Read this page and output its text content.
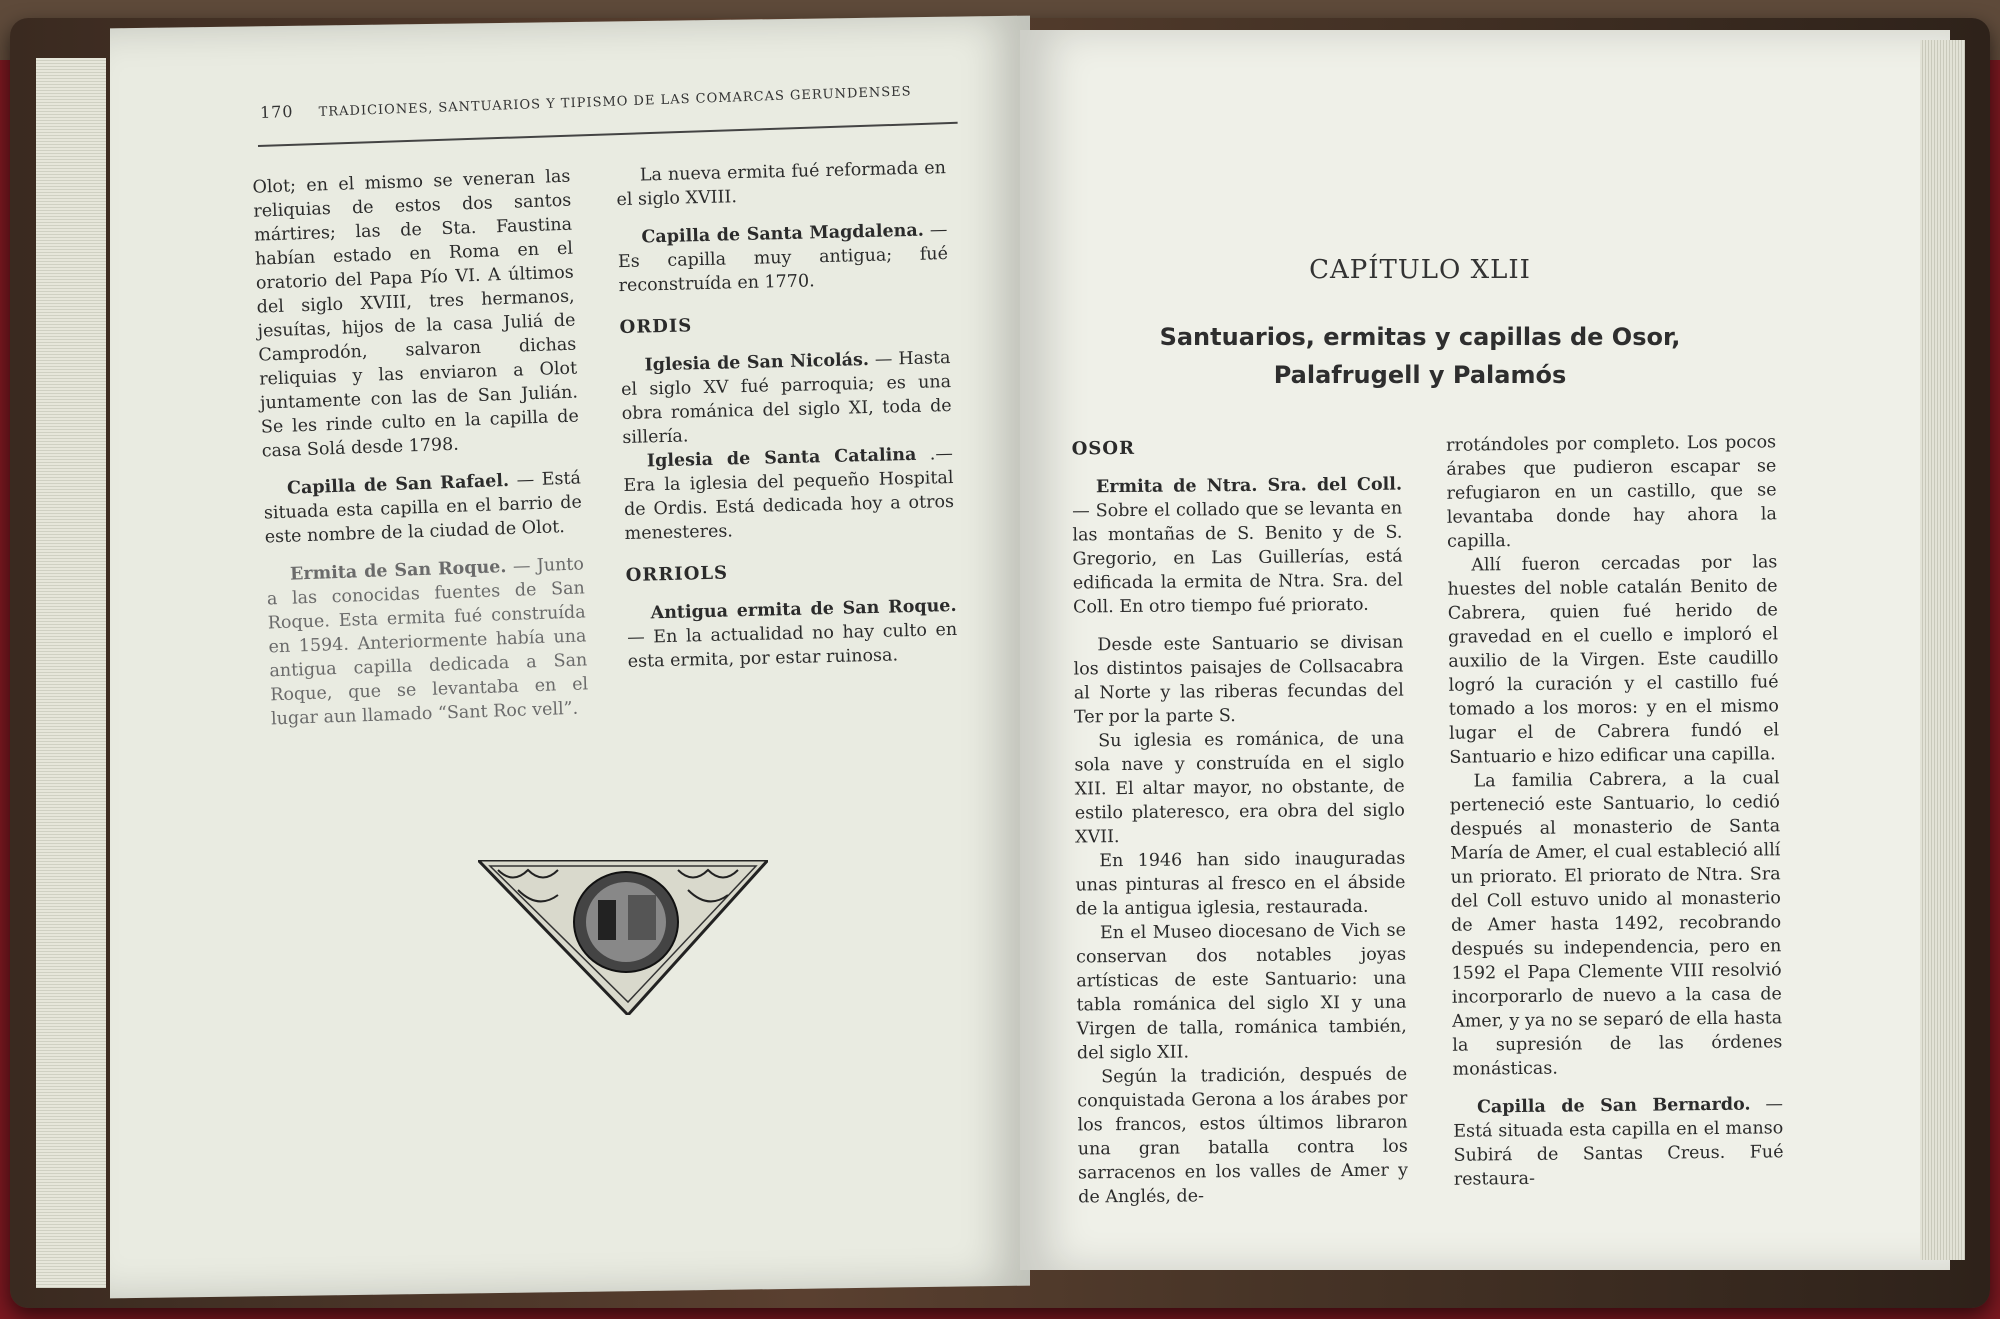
170 TRADICIONES, SANTUARIOS Y TIPISMO DE LAS COMARCAS GERUNDENSES

Olot; en el mismo se veneran las reliquias de estos dos santos mártires; las de Sta. Faustina habían estado en Roma en el oratorio del Papa Pío VI. A últimos del siglo XVIII, tres hermanos, jesuítas, hijos de la casa Juliá de Camprodón, salvaron dichas reliquias y las enviaron a Olot juntamente con las de San Julián. Se les rinde culto en la capilla de casa Solá desde 1798.

Capilla de San Rafael. — Está situada esta capilla en el barrio de este nombre de la ciudad de Olot.

Ermita de San Roque. — Junto a las conocidas fuentes de San Roque. Esta ermita fué construída en 1594. Anteriormente había una antigua capilla dedicada a San Roque, que se levantaba en el lugar aun llamado “Sant Roc vell”.

La nueva ermita fué reformada en el siglo XVIII.

Capilla de Santa Magdalena. — Es capilla muy antigua; fué reconstruída en 1770.

ORDIS

Iglesia de San Nicolás. — Hasta el siglo XV fué parroquia; es una obra románica del siglo XI, toda de sillería.

Iglesia de Santa Catalina .— Era la iglesia del pequeño Hospital de Ordis. Está dedicada hoy a otros menesteres.

ORRIOLS

Antigua ermita de San Roque. — En la actualidad no hay culto en esta ermita, por estar ruinosa.

CAPÍTULO XLII
Santuarios, ermitas y capillas de Osor,
Palafrugell y Palamós
OSOR

Ermita de Ntra. Sra. del Coll. — Sobre el collado que se levanta en las montañas de S. Benito y de S. Gregorio, en Las Guillerías, está edificada la ermita de Ntra. Sra. del Coll. En otro tiempo fué priorato.

Desde este Santuario se divisan los distintos paisajes de Collsacabra al Norte y las riberas fecundas del Ter por la parte S.

Su iglesia es románica, de una sola nave y construída en el siglo XII. El altar mayor, no obstante, de estilo plateresco, era obra del siglo XVII.

En 1946 han sido inauguradas unas pinturas al fresco en el ábside de la antigua iglesia, restaurada.

En el Museo diocesano de Vich se conservan dos notables joyas artísticas de este Santuario: una tabla románica del siglo XI y una Virgen de talla, románica también, del siglo XII.

Según la tradición, después de conquistada Gerona a los árabes por los francos, estos últimos libraron una gran batalla contra los sarracenos en los valles de Amer y de Anglés, de-

rrotándoles por completo. Los pocos árabes que pudieron escapar se refugiaron en un castillo, que se levantaba donde hay ahora la capilla.

Allí fueron cercadas por las huestes del noble catalán Benito de Cabrera, quien fué herido de gravedad en el cuello e imploró el auxilio de la Virgen. Este caudillo logró la curación y el castillo fué tomado a los moros: y en el mismo lugar el de Cabrera fundó el Santuario e hizo edificar una capilla.

La familia Cabrera, a la cual perteneció este Santuario, lo cedió después al monasterio de Santa María de Amer, el cual estableció allí un priorato. El priorato de Ntra. Sra del Coll estuvo unido al monasterio de Amer hasta 1492, recobrando después su independencia, pero en 1592 el Papa Clemente VIII resolvió incorporarlo de nuevo a la casa de Amer, y ya no se separó de ella hasta la supresión de las órdenes monásticas.

Capilla de San Bernardo. — Está situada esta capilla en el manso Subirá de Santas Creus. Fué restaura-
